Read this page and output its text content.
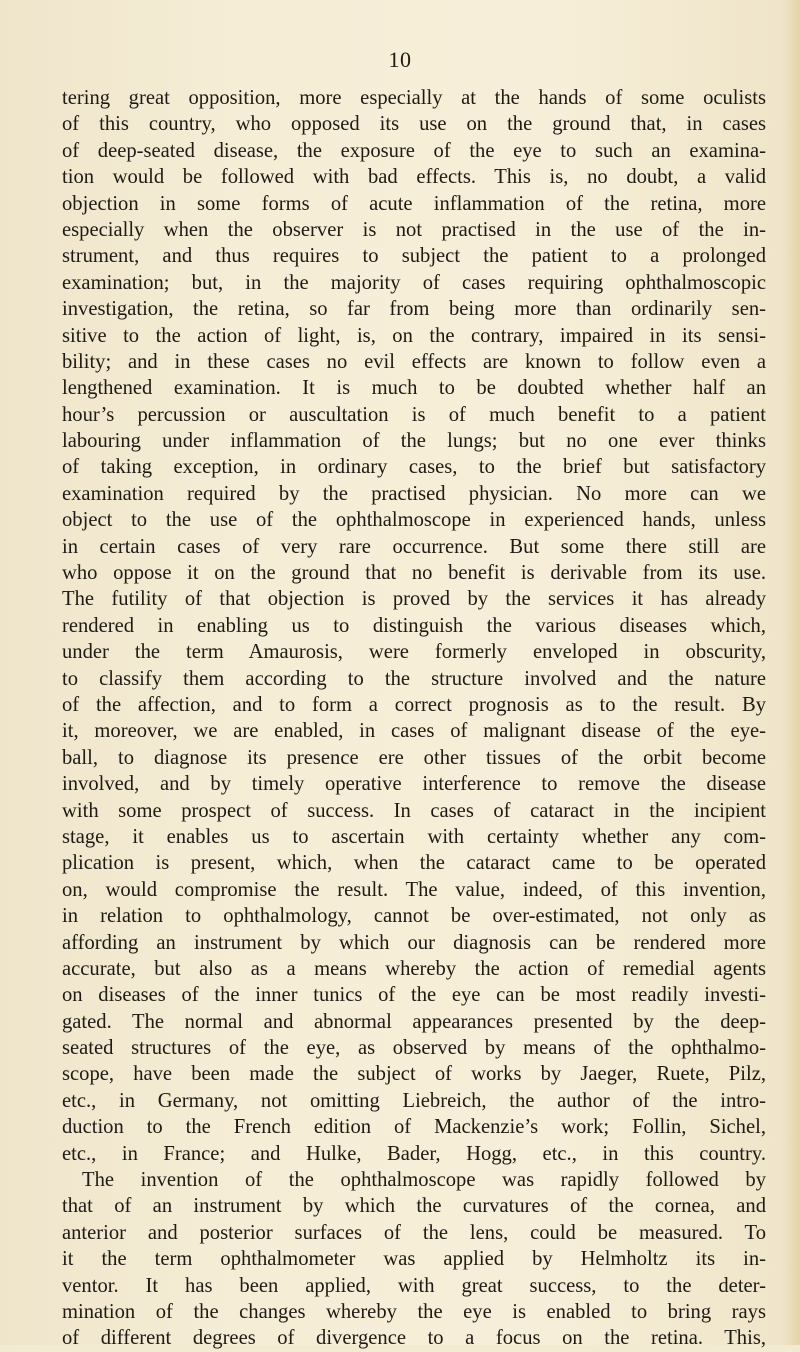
10
tering great opposition, more especially at the hands of some oculists
of this country, who opposed its use on the ground that, in cases
of deep-seated disease, the exposure of the eye to such an examina-
tion would be followed with bad effects. This is, no doubt, a valid
objection in some forms of acute inflammation of the retina, more
especially when the observer is not practised in the use of the in-
strument, and thus requires to subject the patient to a prolonged
examination; but, in the majority of cases requiring ophthalmoscopic
investigation, the retina, so far from being more than ordinarily sen-
sitive to the action of light, is, on the contrary, impaired in its sensi-
bility; and in these cases no evil effects are known to follow even a
lengthened examination. It is much to be doubted whether half an
hour’s percussion or auscultation is of much benefit to a patient
labouring under inflammation of the lungs; but no one ever thinks
of taking exception, in ordinary cases, to the brief but satisfactory
examination required by the practised physician. No more can we
object to the use of the ophthalmoscope in experienced hands, unless
in certain cases of very rare occurrence. But some there still are
who oppose it on the ground that no benefit is derivable from its use.
The futility of that objection is proved by the services it has already
rendered in enabling us to distinguish the various diseases which,
under the term Amaurosis, were formerly enveloped in obscurity,
to classify them according to the structure involved and the nature
of the affection, and to form a correct prognosis as to the result. By
it, moreover, we are enabled, in cases of malignant disease of the eye-
ball, to diagnose its presence ere other tissues of the orbit become
involved, and by timely operative interference to remove the disease
with some prospect of success. In cases of cataract in the incipient
stage, it enables us to ascertain with certainty whether any com-
plication is present, which, when the cataract came to be operated
on, would compromise the result. The value, indeed, of this invention,
in relation to ophthalmology, cannot be over-estimated, not only as
affording an instrument by which our diagnosis can be rendered more
accurate, but also as a means whereby the action of remedial agents
on diseases of the inner tunics of the eye can be most readily investi-
gated. The normal and abnormal appearances presented by the deep-
seated structures of the eye, as observed by means of the ophthalmo-
scope, have been made the subject of works by Jaeger, Ruete, Pilz,
etc., in Germany, not omitting Liebreich, the author of the intro-
duction to the French edition of Mackenzie’s work; Follin, Sichel,
etc., in France; and Hulke, Bader, Hogg, etc., in this country.
The invention of the ophthalmoscope was rapidly followed by
that of an instrument by which the curvatures of the cornea, and
anterior and posterior surfaces of the lens, could be measured. To
it the term ophthalmometer was applied by Helmholtz its in-
ventor. It has been applied, with great success, to the deter-
mination of the changes whereby the eye is enabled to bring rays
of different degrees of divergence to a focus on the retina. This,
